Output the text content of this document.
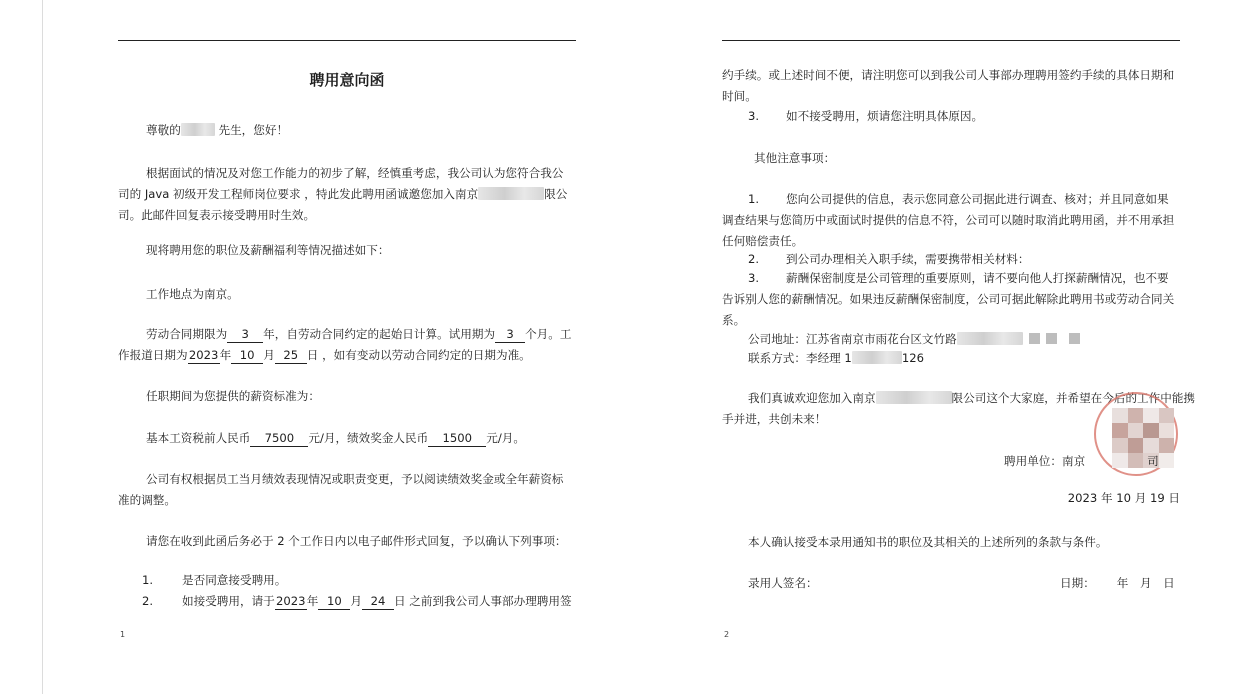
聘用意向函
尊敬的	先生，您好！
根据面试的情况及对您工作能力的初步了解，经慎重考虑，我公司认为您符合我公
司的 Java 初级开发工程师岗位要求 ，特此发此聘用函诚邀您加入南京	限公
司。此邮件回复表示接受聘用时生效。
现将聘用您的职位及薪酬福利等情况描述如下：
工作地点为南京。
劳动合同期限为 3 年，自劳动合同约定的起始日计算。试用期为 3 个月。工
作报道日期为2023年 10 月 25 日 ，如有变动以劳动合同约定的日期为准。
任职期间为您提供的薪资标准为：
基本工资税前人民币 7500 元/月，绩效奖金人民币 1500 元/月。
公司有权根据员工当月绩效表现情况或职责变更，予以阅读绩效奖金或全年薪资标
准的调整。
请您在收到此函后务必于 2 个工作日内以电子邮件形式回复，予以确认下列事项：
1. 是否同意接受聘用。
2. 如接受聘用，请于2023年 10 月 24 日 之前到我公司人事部办理聘用签
1
约手续。或上述时间不便，请注明您可以到我公司人事部办理聘用签约手续的具体日期和
时间。
3. 如不接受聘用，烦请您注明具体原因。
其他注意事项：
1. 您向公司提供的信息，表示您同意公司据此进行调查、核对；并且同意如果
调查结果与您简历中或面试时提供的信息不符，公司可以随时取消此聘用函，并不用承担
任何赔偿责任。
2. 到公司办理相关入职手续，需要携带相关材料：
3. 薪酬保密制度是公司管理的重要原则，请不要向他人打探薪酬情况，也不要
告诉别人您的薪酬情况。如果违反薪酬保密制度，公司可据此解除此聘用书或劳动合同关
系。
公司地址：江苏省南京市雨花台区文竹路
联系方式：李经理 1	126
我们真诚欢迎您加入南京	限公司这个大家庭，并希望在今后的工作中能携
手并进，共创未来！
聘用单位：南京	司
2023 年 10 月 19 日
本人确认接受本录用通知书的职位及其相关的上述所列的条款与条件。
录用人签名：	日期： 年　月　日
2
